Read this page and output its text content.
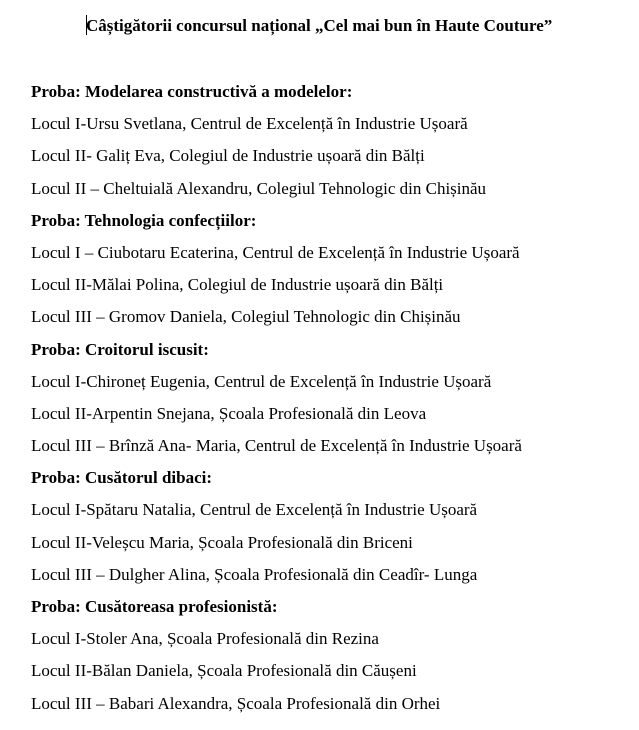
Câștigătorii concursul național „Cel mai bun în Haute Couture”
Proba: Modelarea constructivă a modelelor:
Locul I-Ursu Svetlana, Centrul de Excelență în Industrie Ușoară
Locul II- Galiț Eva, Colegiul de Industrie ușoară din Bălți
Locul II – Cheltuială Alexandru, Colegiul Tehnologic din Chișinău
Proba: Tehnologia confecțiilor:
Locul I – Ciubotaru Ecaterina, Centrul de Excelență în Industrie Ușoară
Locul II-Mălai Polina, Colegiul de Industrie ușoară din Bălți
Locul III – Gromov Daniela, Colegiul Tehnologic din Chișinău
Proba: Croitorul iscusit:
Locul I-Chironeț Eugenia, Centrul de Excelență în Industrie Ușoară
Locul II-Arpentin Snejana, Școala Profesională din Leova
Locul III – Brînză Ana- Maria, Centrul de Excelență în Industrie Ușoară
Proba: Cusătorul dibaci:
Locul I-Spătaru Natalia, Centrul de Excelență în Industrie Ușoară
Locul II-Veleșcu Maria, Școala Profesională din Briceni
Locul III – Dulgher Alina, Școala Profesională din Ceadîr- Lunga
Proba: Cusătoreasa profesionistă:
Locul I-Stoler Ana, Școala Profesională din Rezina
Locul II-Bălan Daniela, Școala Profesională din Căușeni
Locul III – Babari Alexandra, Școala Profesională din Orhei
